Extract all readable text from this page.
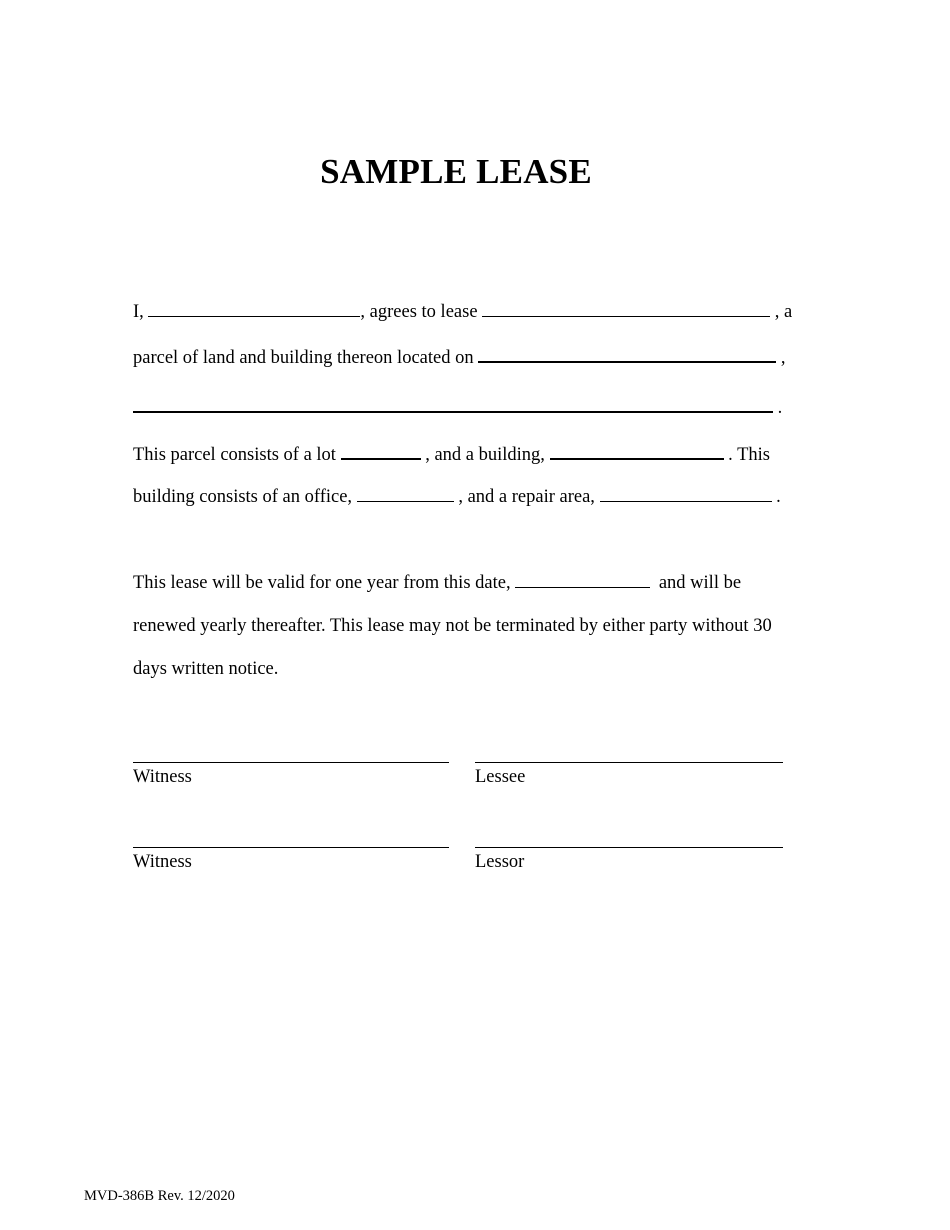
SAMPLE LEASE
I,	, agrees to lease	, a
parcel of land and building thereon located on	,
.
This parcel consists of a lot	, and a building,	. This
building consists of an office,	, and a repair area,	.
This lease will be valid for one year from this date,	and will be
renewed yearly thereafter. This lease may not be terminated by either party without 30
days written notice.
Witness	Lessee
Witness	Lessor
MVD-386B Rev. 12/2020
